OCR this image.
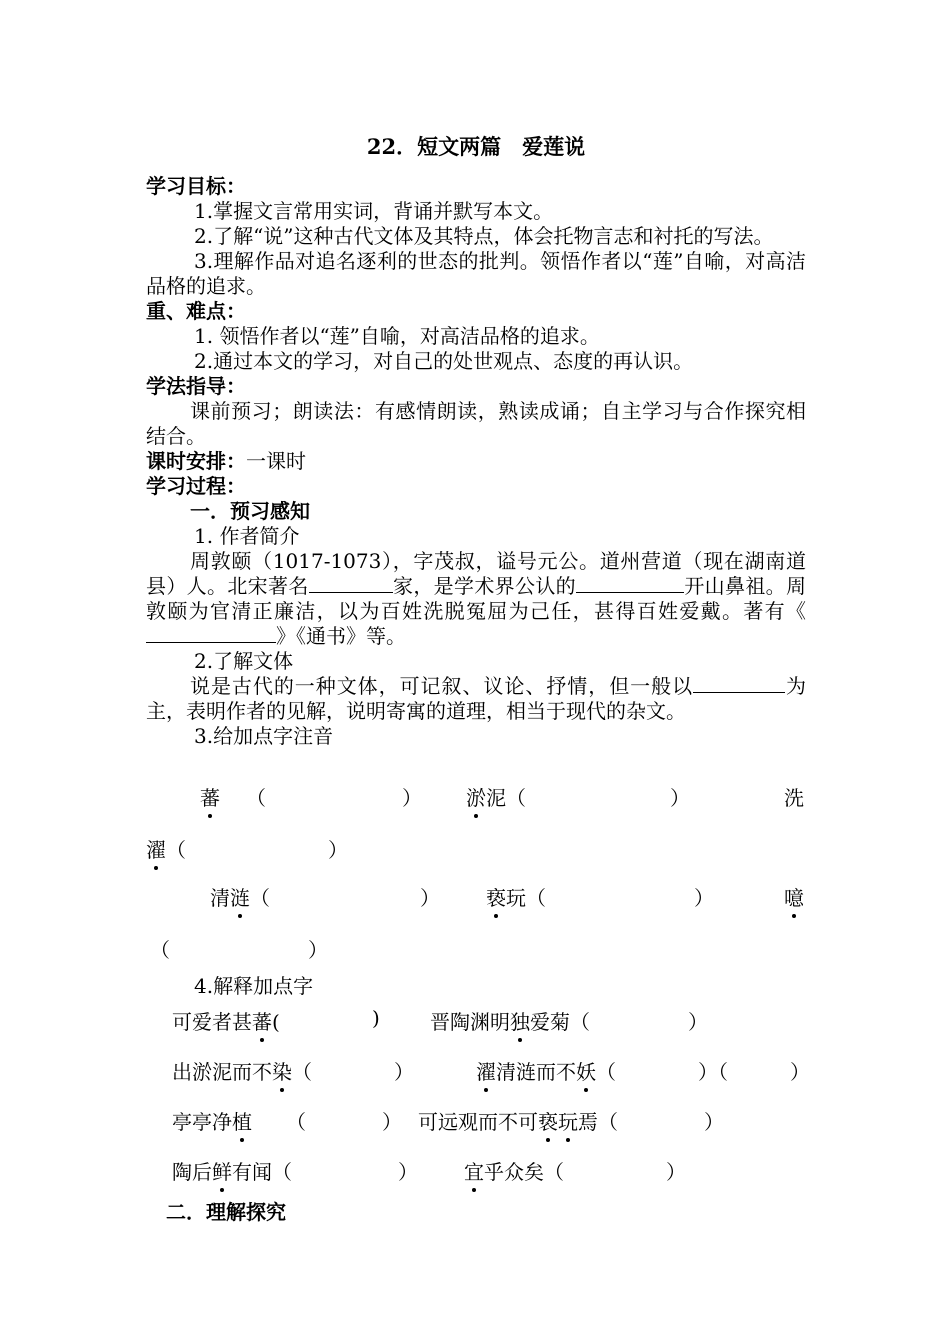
22．短文两篇　爱莲说
学习目标：

1.掌握文言常用实词，背诵并默写本文。

2.了解“说”这种古代文体及其特点，体会托物言志和衬托的写法。

3.理解作品对追名逐利的世态的批判。领悟作者以“莲”自喻，对高洁品格的追求。

重、难点：

1. 领悟作者以“莲”自喻，对高洁品格的追求。

2.通过本文的学习，对自己的处世观点、态度的再认识。

学法指导：

课前预习；朗读法：有感情朗读，熟读成诵；自主学习与合作探究相结合。

课时安排：一课时
学习过程：
一．预习感知
1. 作者简介

周敦颐（1017-1073），字茂叔，谥号元公。道州营道（现在湖南道县）人。北宋著名	家，是学术界公认的	开山鼻祖。周敦颐为官清正廉洁，以为百姓洗脱冤屈为己任，甚得百姓爱戴。著有《》《通书》等。

2.了解文体

说是古代的一种文体，可记叙、议论、抒情，但一般以	为主，表明作者的见解，说明寄寓的道理，相当于现代的杂文。

3.给加点字注音
蕃 （	） 淤泥（	）	洗
濯（	）
清涟（	） 亵玩（	）	噫
（	）
4.解释加点字
可爱者甚蕃(	)	晋陶渊明独爱菊（	）
出淤泥而不染（	）	濯清涟而不妖（	）（	）
亭亭净植 （	） 可远观而不可亵玩焉（	）
陶后鲜有闻（	） 宜乎众矣（	）
二．理解探究
